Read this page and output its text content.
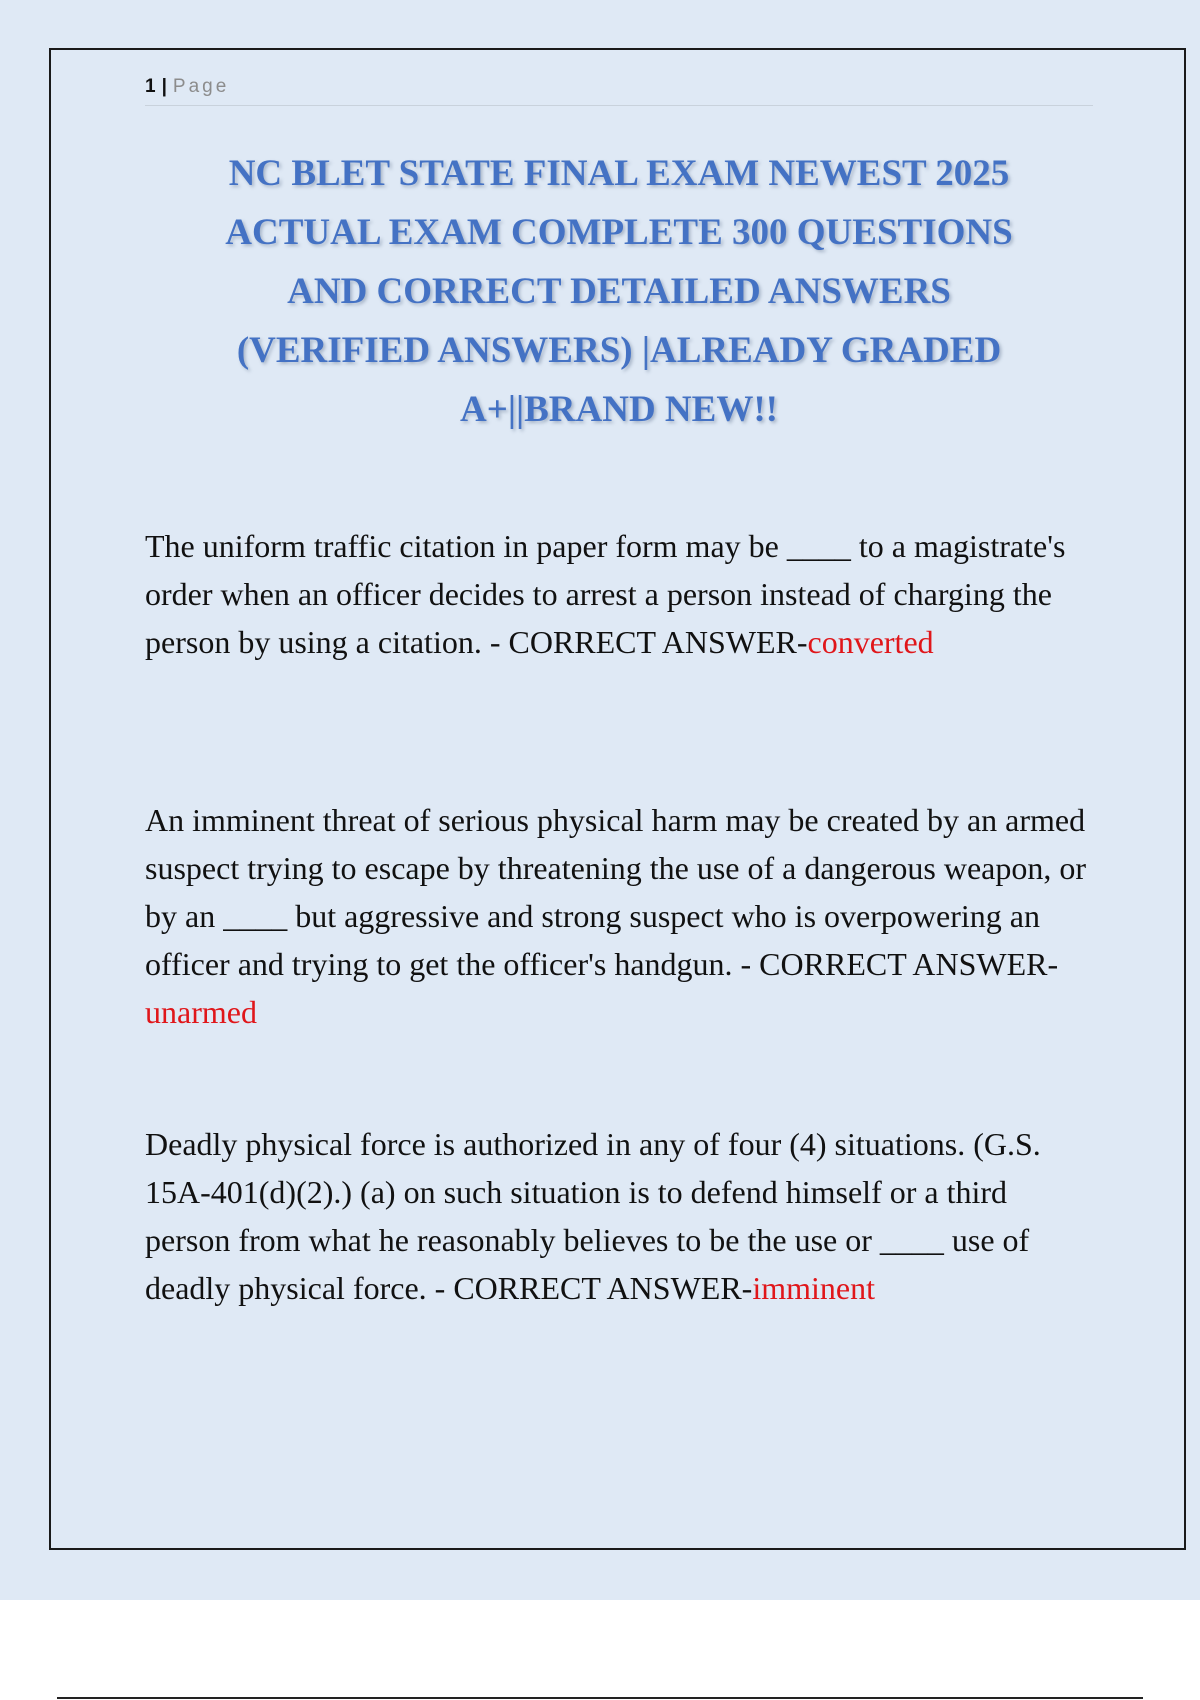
1 | Page
NC BLET STATE FINAL EXAM NEWEST 2025
ACTUAL EXAM COMPLETE 300 QUESTIONS
AND CORRECT DETAILED ANSWERS
(VERIFIED ANSWERS) |ALREADY GRADED
A+||BRAND NEW!!

The uniform traffic citation in paper form may be ____ to a magistrate's order when an officer decides to arrest a person instead of charging the person by using a citation. - CORRECT ANSWER-converted

An imminent threat of serious physical harm may be created by an armed suspect trying to escape by threatening the use of a dangerous weapon, or by an ____ but aggressive and strong suspect who is overpowering an officer and trying to get the officer's handgun. - CORRECT ANSWER-unarmed

Deadly physical force is authorized in any of four (4) situations. (G.S. 15A-401(d)(2).) (a) on such situation is to defend himself or a third person from what he reasonably believes to be the use or ____ use of deadly physical force. - CORRECT ANSWER-imminent
